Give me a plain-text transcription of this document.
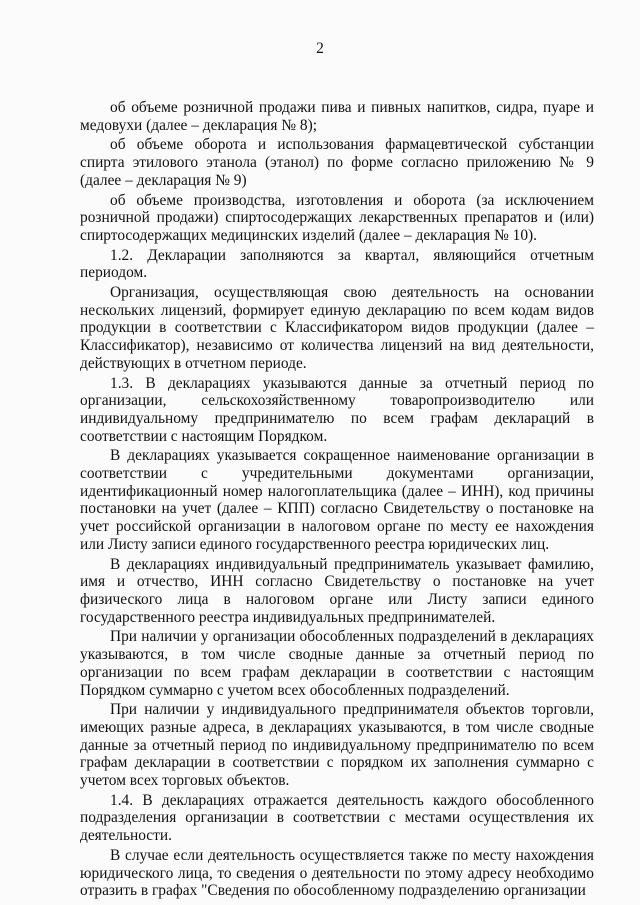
2

об объеме розничной продажи пива и пивных напитков, сидра, пуаре и медовухи (далее – декларация № 8);

об объеме оборота и использования фармацевтической субстанции спирта этилового этанола (этанол) по форме согласно приложению № 9 (далее – декларация № 9)

об объеме производства, изготовления и оборота (за исключением розничной продажи) спиртосодержащих лекарственных препаратов и (или) спиртосодержащих медицинских изделий (далее – декларация № 10).

1.2. Декларации заполняются за квартал, являющийся отчетным периодом.

Организация, осуществляющая свою деятельность на основании нескольких лицензий, формирует единую декларацию по всем кодам видов продукции в соответствии с Классификатором видов продукции (далее – Классификатор), независимо от количества лицензий на вид деятельности, действующих в отчетном периоде.

1.3. В декларациях указываются данные за отчетный период по организации, сельскохозяйственному товаропроизводителю или индивидуальному предпринимателю по всем графам деклараций в соответствии с настоящим Порядком.

В декларациях указывается сокращенное наименование организации в соответствии с учредительными документами организации, идентификационный номер налогоплательщика (далее – ИНН), код причины постановки на учет (далее – КПП) согласно Свидетельству о постановке на учет российской организации в налоговом органе по месту ее нахождения или Листу записи единого государственного реестра юридических лиц.

В декларациях индивидуальный предприниматель указывает фамилию, имя и отчество, ИНН согласно Свидетельству о постановке на учет физического лица в налоговом органе или Листу записи единого государственного реестра индивидуальных предпринимателей.

При наличии у организации обособленных подразделений в декларациях указываются, в том числе сводные данные за отчетный период по организации по всем графам декларации в соответствии с настоящим Порядком суммарно с учетом всех обособленных подразделений.

При наличии у индивидуального предпринимателя объектов торговли, имеющих разные адреса, в декларациях указываются, в том числе сводные данные за отчетный период по индивидуальному предпринимателю по всем графам декларации в соответствии с порядком их заполнения суммарно с учетом всех торговых объектов.

1.4. В декларациях отражается деятельность каждого обособленного подразделения организации в соответствии с местами осуществления их деятельности.

В случае если деятельность осуществляется также по месту нахождения юридического лица, то сведения о деятельности по этому адресу необходимо отразить в графах "Сведения по обособленному подразделению организации
